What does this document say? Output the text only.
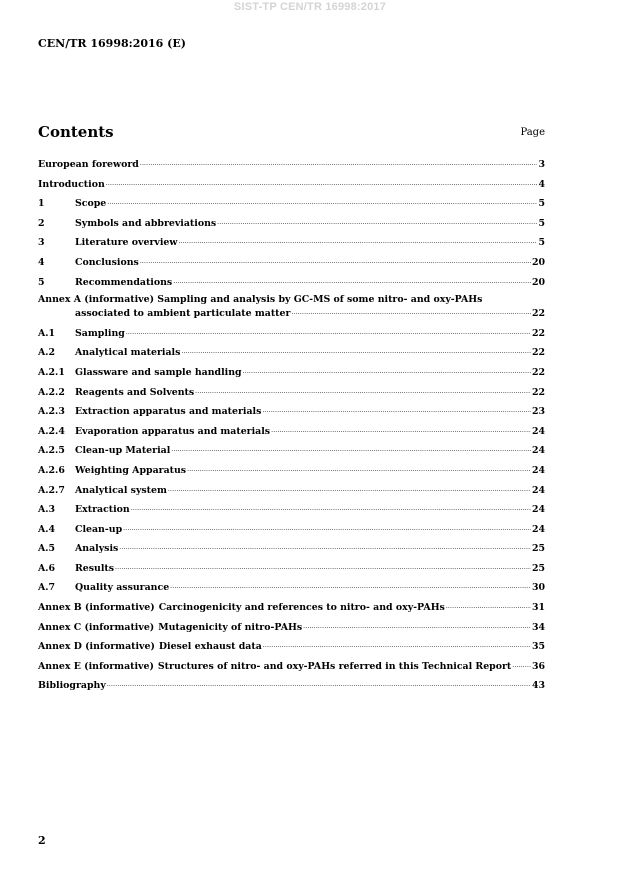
SIST-TP CEN/TR 16998:2017
CEN/TR 16998:2016 (E)
Contents	Page
European foreword .....	3
Introduction .....	4
1	Scope .....	5
2	Symbols and abbreviations .....	5
3	Literature overview .....	5
4	Conclusions .....	20
5	Recommendations .....	20
Annex A (informative) Sampling and analysis by GC-MS of some nitro- and oxy-PAHs
associated to ambient particulate matter .....	22
A.1	Sampling .....	22
A.2	Analytical materials .....	22
A.2.1	Glassware and sample handling .....	22
A.2.2	Reagents and Solvents .....	22
A.2.3	Extraction apparatus and materials .....	23
A.2.4	Evaporation apparatus and materials .....	24
A.2.5	Clean-up Material .....	24
A.2.6	Weighting Apparatus .....	24
A.2.7	Analytical system .....	24
A.3	Extraction .....	24
A.4	Clean-up .....	24
A.5	Analysis .....	25
A.6	Results .....	25
A.7	Quality assurance .....	30
Annex B (informative) Carcinogenicity and references to nitro- and oxy-PAHs .....	31
Annex C (informative) Mutagenicity of nitro-PAHs .....	34
Annex D (informative) Diesel exhaust data .....	35
Annex E (informative) Structures of nitro- and oxy-PAHs referred in this Technical Report ..... 36
Bibliography .....	43
2
